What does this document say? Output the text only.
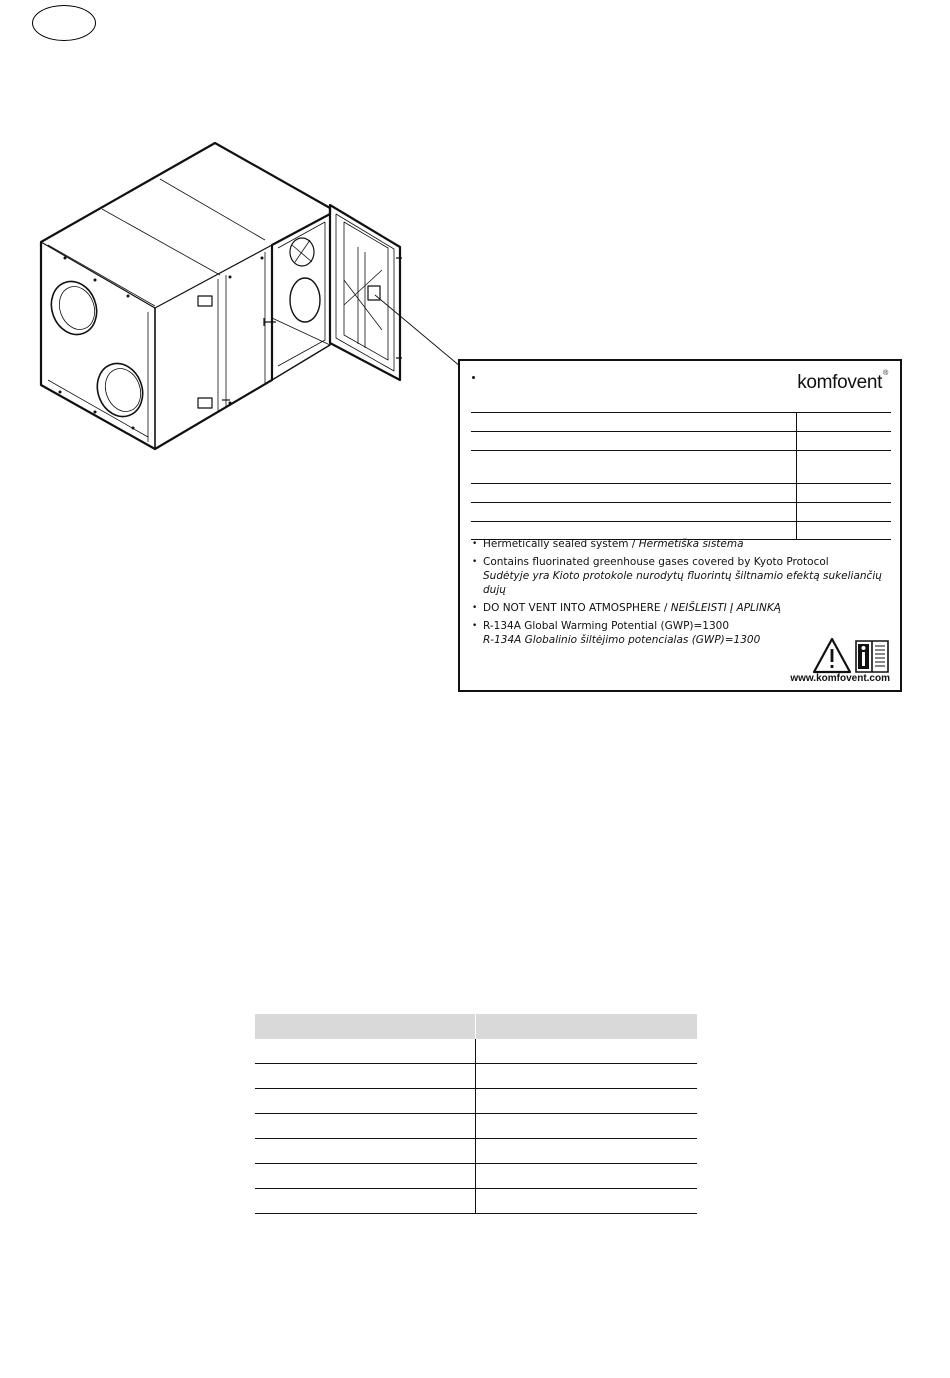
komfovent®

• Hermetically sealed system / Hermetiška sistema
• Contains fluorinated greenhouse gases covered by Kyoto Protocol
Sudėtyje yra Kioto protokole nurodytų fluorintų šiltnamio efektą sukeliančių dujų
• DO NOT VENT INTO ATMOSPHERE / NEIŠLEISTI Į APLINKĄ
• R-134A Global Warming Potential (GWP)=1300
R-134A Globalinio šiltėjimo potencialas (GWP)=1300
www.komfovent.com
